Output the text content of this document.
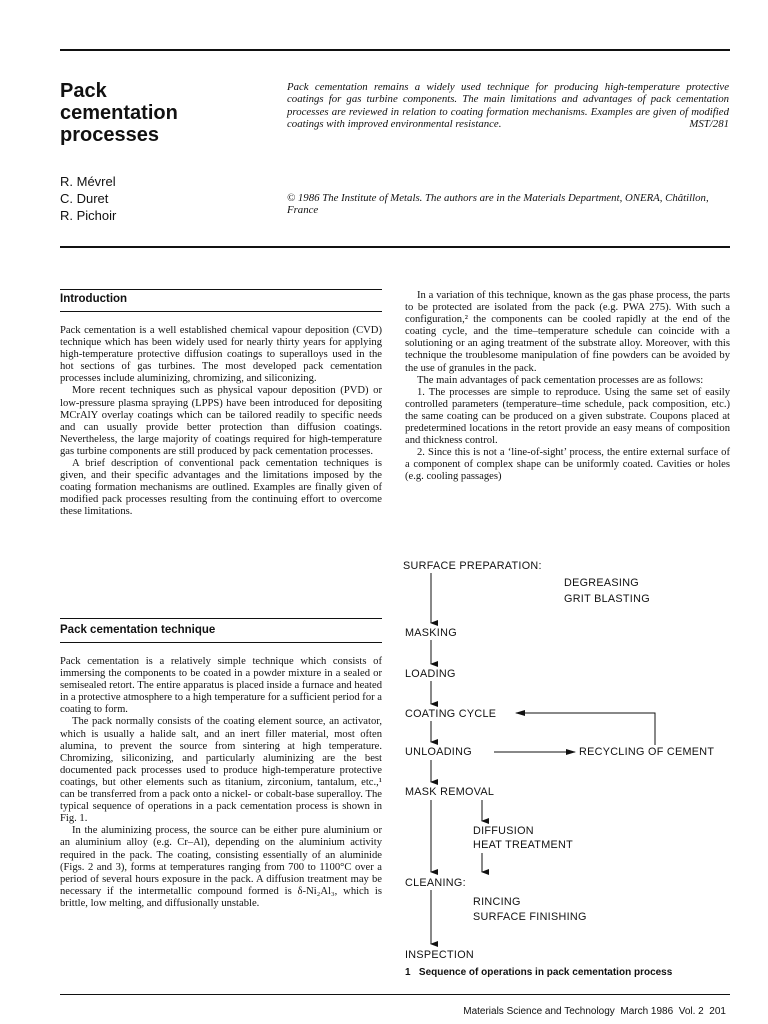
Pack
cementation
processes
R. Mévrel
C. Duret
R. Pichoir
Pack cementation remains a widely used technique for producing high-temperature protective coatings for gas turbine components. The main limitations and advantages of pack cementation processes are reviewed in relation to coating formation mechanisms. Examples are given of modified coatings with improved environmental resistance.	MST/281
© 1986 The Institute of Metals. The authors are in the Materials Department, ONERA, Châtillon, France
Introduction

Pack cementation is a well established chemical vapour deposition (CVD) technique which has been widely used for nearly thirty years for applying high-temperature protective diffusion coatings to superalloys used in the hot sections of gas turbines. The most developed pack cementation processes include aluminizing, chromizing, and siliconizing.

More recent techniques such as physical vapour deposition (PVD) or low-pressure plasma spraying (LPPS) have been introduced for depositing MCrAlY overlay coatings which can be tailored readily to specific needs and can usually provide better protection than diffusion coatings. Nevertheless, the large majority of coatings required for high-temperature gas turbine components are still produced by pack cementation processes.

A brief description of conventional pack cementation techniques is given, and their specific advantages and the limitations imposed by the coating formation mechanisms are outlined. Examples are finally given of modified pack processes resulting from the continuing effort to overcome these limitations.

Pack cementation technique

Pack cementation is a relatively simple technique which consists of immersing the components to be coated in a powder mixture in a sealed or semisealed retort. The entire apparatus is placed inside a furnace and heated in a protective atmosphere to a high temperature for a sufficient period for a coating to form.

The pack normally consists of the coating element source, an activator, which is usually a halide salt, and an inert filler material, most often alumina, to prevent the source from sintering at high temperature. Chromizing, siliconizing, and particularly aluminizing are the best documented pack processes used to produce high-temperature protective coatings, but other elements such as titanium, zirconium, tantalum, etc.,¹ can be transferred from a pack onto a nickel- or cobalt-base superalloy. The typical sequence of operations in a pack cementation process is shown in Fig. 1.

In the aluminizing process, the source can be either pure aluminium or an aluminium alloy (e.g. Cr–Al), depending on the aluminium activity required in the pack. The coating, consisting essentially of an aluminide (Figs. 2 and 3), forms at temperatures ranging from 700 to 1100°C over a period of several hours exposure in the pack. A diffusion treatment may be necessary if the intermetallic compound formed is δ-Ni₂Al₃, which is brittle, low melting, and diffusionally unstable.

In a variation of this technique, known as the gas phase process, the parts to be protected are isolated from the pack (e.g. PWA 275). With such a configuration,² the components can be cooled rapidly at the end of the coating cycle, and the time–temperature schedule can coincide with a solutioning or an aging treatment of the substrate alloy. Moreover, with this technique the troublesome manipulation of fine powders can be avoided by the use of granules in the pack.

The main advantages of pack cementation processes are as follows:

1. The processes are simple to reproduce. Using the same set of easily controlled parameters (temperature–time schedule, pack composition, etc.) the same coating can be produced on a given substrate. Coupons placed at predetermined locations in the retort provide an easy means of composition and thickness control.

2. Since this is not a ‘line-of-sight’ process, the entire external surface of a component of complex shape can be uniformly coated. Cavities or holes (e.g. cooling passages)

SURFACE PREPARATION:
DEGREASING
GRIT BLASTING
MASKING
LOADING
COATING CYCLE
UNLOADING	RECYCLING OF CEMENT
MASK REMOVAL
DIFFUSION
HEAT TREATMENT
CLEANING:
RINCING
SURFACE FINISHING
INSPECTION
1 Sequence of operations in pack cementation process
Materials Science and Technology  March 1986  Vol. 2  201
